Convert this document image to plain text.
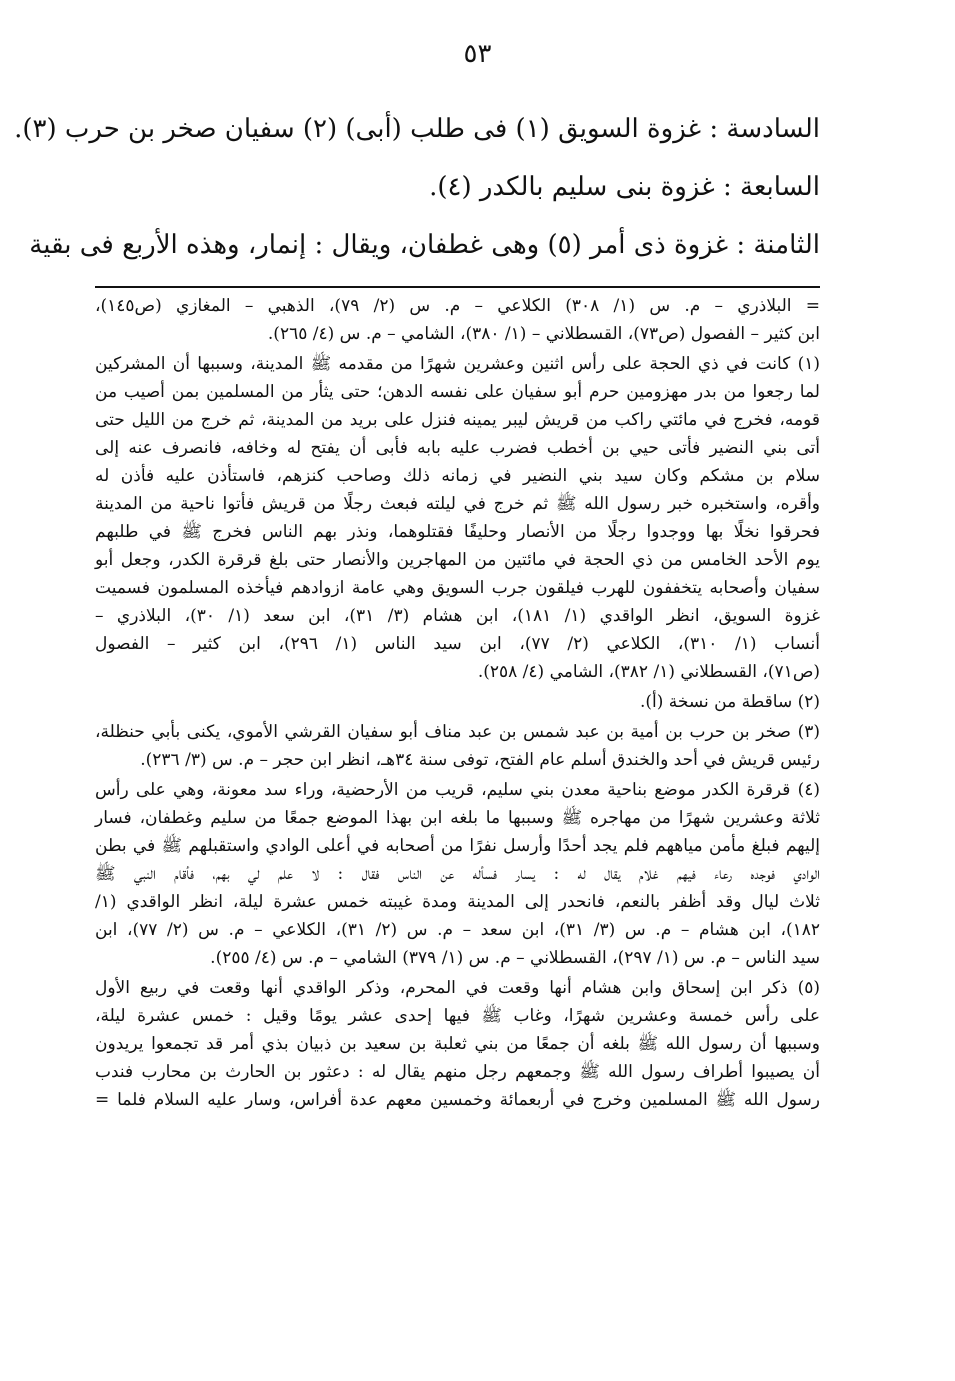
٥٣
السادسة : غزوة السويق (١) فى طلب (أبى) (٢) سفيان صخر بن حرب (٣).
السابعة : غزوة بنى سليم بالكدر (٤).
الثامنة : غزوة ذى أمر (٥) وهى غطفان، ويقال : إنمار، وهذه الأربع فى بقية
= البلاذري – م. س (١/ ٣٠٨) الكلاعي – م. س (٢/ ٧٩)، الذهبي – المغازي (ص١٤٥)،
ابن كثير – الفصول (ص٧٣)، القسطلاني – (١/ ٣٨٠)، الشامي – م. س (٤/ ٢٦٥).
(١) كانت في ذي الحجة على رأس اثنين وعشرين شهرًا من مقدمه ﷺ المدينة، وسببها أن المشركين
لما رجعوا من بدر مهزومين حرم أبو سفيان على نفسه الدهن؛ حتى يثأر من المسلمين بمن أصيب من
قومه، فخرج في مائتي راكب من قريش ليبر يمينه فنزل على بريد من المدينة، ثم خرج من الليل حتى
أتى بني النضير فأتى حيي بن أخطب فضرب عليه بابه فأبى أن يفتح له وخافه، فانصرف عنه إلى
سلام بن مشكم وكان سيد بني النضير في زمانه ذلك وصاحب كنزهم، فاستأذن عليه فأذن له
وأقره، واستخبره خبر رسول الله ﷺ ثم خرج في ليلته فبعث رجلًا من قريش فأتوا ناحية من المدينة
فحرقوا نخلًا بها ووجدوا رجلًا من الأنصار وحليفًا فقتلوهما، ونذر بهم الناس فخرج ﷺ في طلبهم
يوم الأحد الخامس من ذي الحجة في مائتين من المهاجرين والأنصار حتى بلغ قرقرة الكدر، وجعل أبو
سفيان وأصحابه يتخففون للهرب فيلقون جرب السويق وهي عامة ازوادهم فيأخذه المسلمون فسميت
غزوة السويق، انظر الواقدي (١/ ١٨١)، ابن هشام (٣/ ٣١)، ابن سعد (١/ ٣٠)، البلاذري –
أنساب (١/ ٣١٠)، الكلاعي (٢/ ٧٧)، ابن سيد الناس (١/ ٢٩٦)، ابن كثير – الفصول
(ص٧١)، القسطلاني (١/ ٣٨٢)، الشامي (٤/ ٢٥٨).
(٢) ساقطة من نسخة (أ).
(٣) صخر بن حرب بن أمية بن عبد شمس بن عبد مناف أبو سفيان القرشي الأموي، يكنى بأبي حنظلة،
رئيس قريش في أحد والخندق أسلم عام الفتح، توفى سنة ٣٤هـ، انظر ابن حجر – م. س (٣/ ٢٣٦).
(٤) قرقرة الكدر موضع بناحية معدن بني سليم، قريب من الأرحضية، وراء سد معونة، وهي على رأس
ثلاثة وعشرين شهرًا من مهاجره ﷺ وسببها ما بلغه ابن بهذا الموضع جمعًا من سليم وغطفان، فسار
إليهم فبلغ مأمن مياههم فلم يجد أحدًا وأرسل نفرًا من أصحابه في أعلى الوادي واستقبلهم ﷺ في بطن
الوادي فوجده رعاء فيهم غلام يقال له : يسار فسأله عن الناس فقال : لا علم لي بهم، فأقام النبي ﷺ
ثلاث ليال وقد أظفر بالنعم، فانحدر إلى المدينة ومدة غيبته خمس عشرة ليلة، انظر الواقدي (١/
١٨٢)، ابن هشام – م. س (٣/ ٣١)، ابن سعد – م. س (٢/ ٣١)، الكلاعي – م. س (٢/ ٧٧)، ابن
سيد الناس – م. س (١/ ٢٩٧)، القسطلاني – م. س (١/ ٣٧٩) الشامي – م. س (٤/ ٢٥٥).
(٥) ذكر ابن إسحاق وابن هشام أنها وقعت في المحرم، وذكر الواقدي أنها وقعت في ربيع الأول
على رأس خمسة وعشرين شهرًا، وغاب ﷺ فيها إحدى عشر يومًا وقيل : خمس عشرة ليلة،
وسببها أن رسول الله ﷺ بلغه أن جمعًا من بني ثعلبة بن سعيد بن ذبيان بذي أمر قد تجمعوا يريدون
أن يصيبوا أطراف رسول الله ﷺ وجمعهم رجل منهم يقال له : دعثور بن الحارث بن محارب فندب
رسول الله ﷺ المسلمين وخرج في أربعمائة وخمسين معهم عدة أفراس، وسار عليه السلام فلما =
